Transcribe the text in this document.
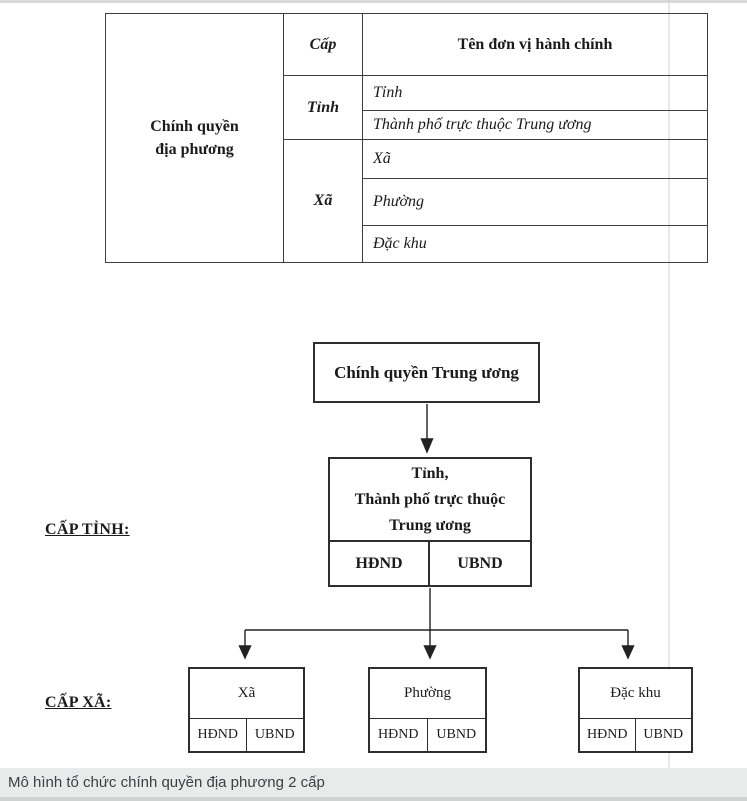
Chính quyền
địa phương	Cấp	Tên đơn vị hành chính
	Tỉnh	Tỉnh
		Thành phố trực thuộc Trung ương
	Xã	Xã
		Phường
		Đặc khu
Chính quyền Trung ương
CẤP TỈNH:
Tỉnh,
Thành phố trực thuộc
Trung ương
HĐND	UBND
CẤP XÃ:
Xã
HĐND	UBND
Phường
HĐND	UBND
Đặc khu
HĐND	UBND
Mô hình tổ chức chính quyền địa phương 2 cấp
